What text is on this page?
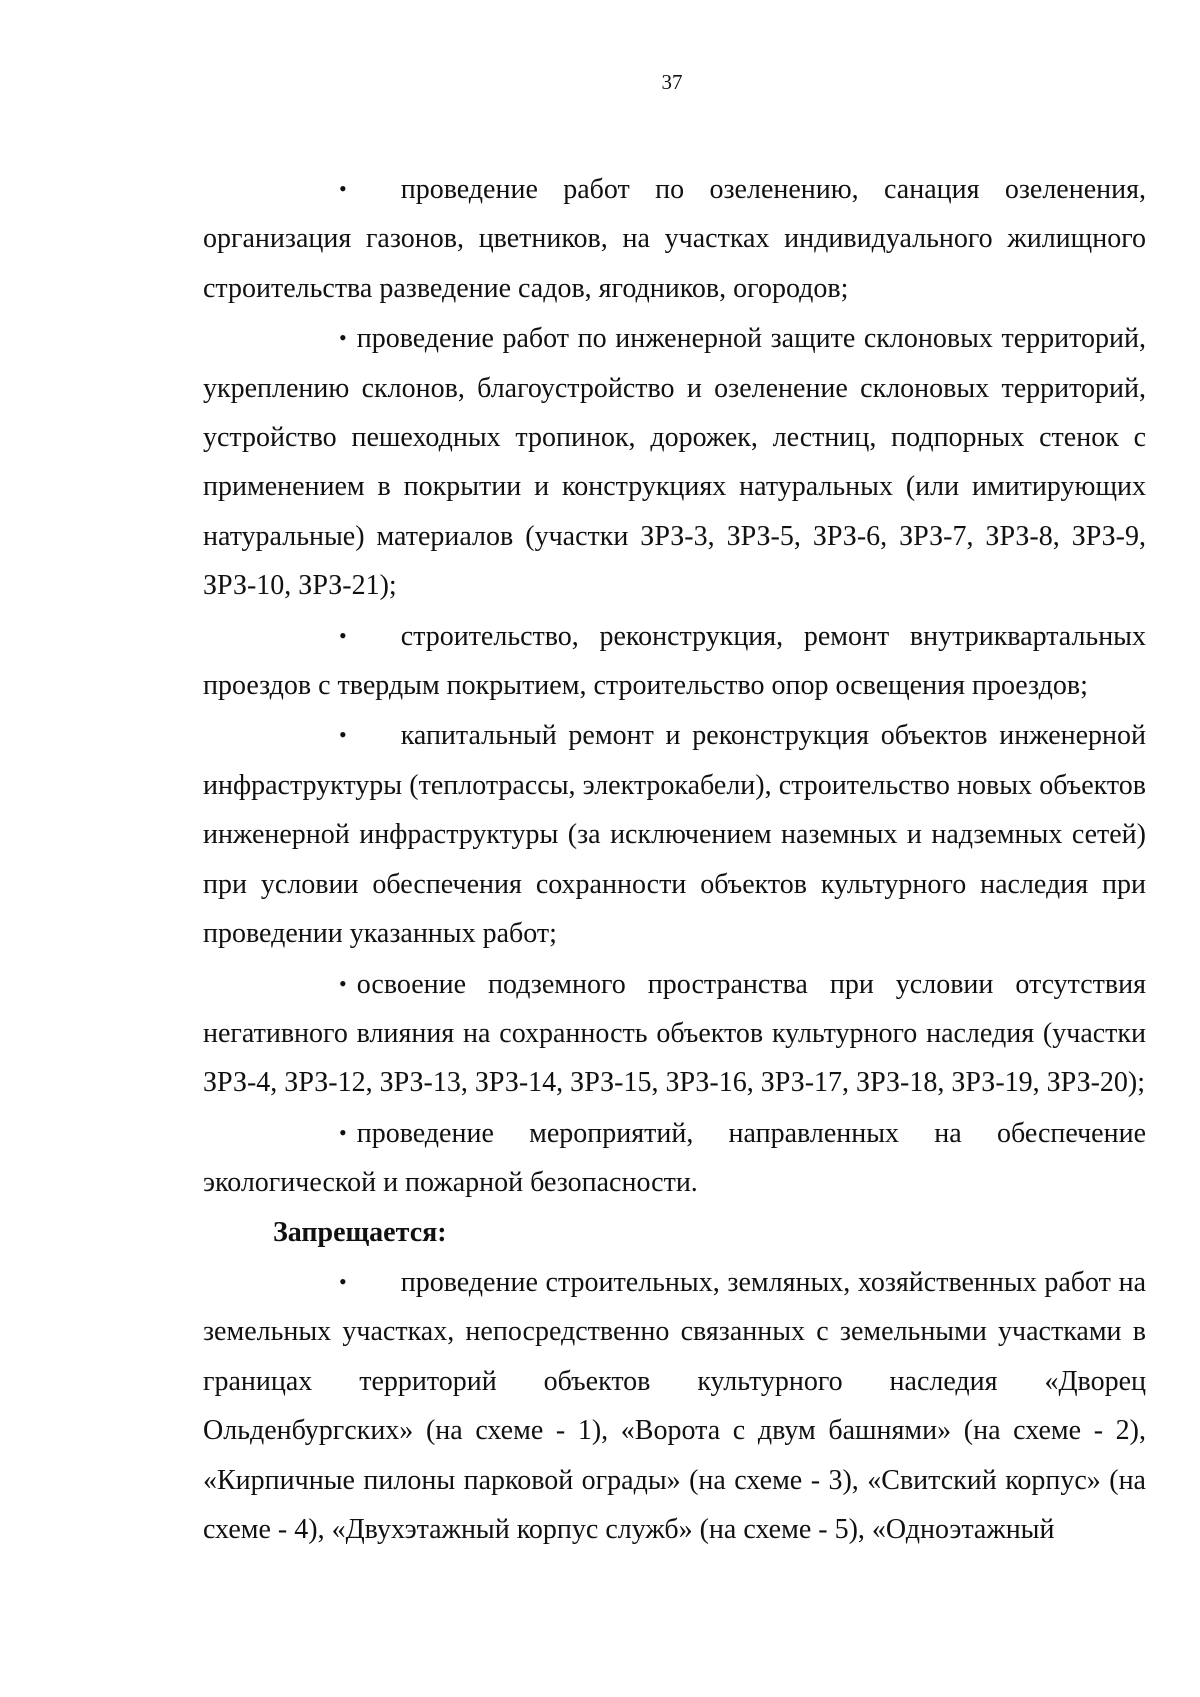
37

• проведение работ по озеленению, санация озеленения, организация газонов, цветников, на участках индивидуального жилищного строительства разведение садов, ягодников, огородов;

• проведение работ по инженерной защите склоновых территорий, укреплению склонов, благоустройство и озеленение склоновых территорий, устройство пешеходных тропинок, дорожек, лестниц, подпорных стенок с применением в покрытии и конструкциях натуральных (или имитирующих натуральные) материалов (участки ЗРЗ-3, ЗРЗ-5, ЗРЗ-6, ЗРЗ-7, ЗРЗ-8, ЗРЗ-9, ЗРЗ-10, ЗРЗ-21);

• строительство, реконструкция, ремонт внутриквартальных проездов с твердым покрытием, строительство опор освещения проездов;

• капитальный ремонт и реконструкция объектов инженерной инфраструктуры (теплотрассы, электрокабели), строительство новых объектов инженерной инфраструктуры (за исключением наземных и надземных сетей) при условии обеспечения сохранности объектов культурного наследия при проведении указанных работ;

• освоение подземного пространства при условии отсутствия негативного влияния на сохранность объектов культурного наследия (участки ЗРЗ-4, ЗРЗ-12, ЗРЗ-13, ЗРЗ-14, ЗРЗ-15, ЗРЗ-16, ЗРЗ-17, ЗРЗ-18, ЗРЗ-19, ЗРЗ-20);

• проведение мероприятий, направленных на обеспечение экологической и пожарной безопасности.

Запрещается:

• проведение строительных, земляных, хозяйственных работ на земельных участках, непосредственно связанных с земельными участками в границах территорий объектов культурного наследия «Дворец Ольденбургских» (на схеме - 1), «Ворота с двум башнями» (на схеме - 2), «Кирпичные пилоны парковой ограды» (на схеме - 3), «Свитский корпус» (на схеме - 4), «Двухэтажный корпус служб» (на схеме - 5), «Одноэтажный
